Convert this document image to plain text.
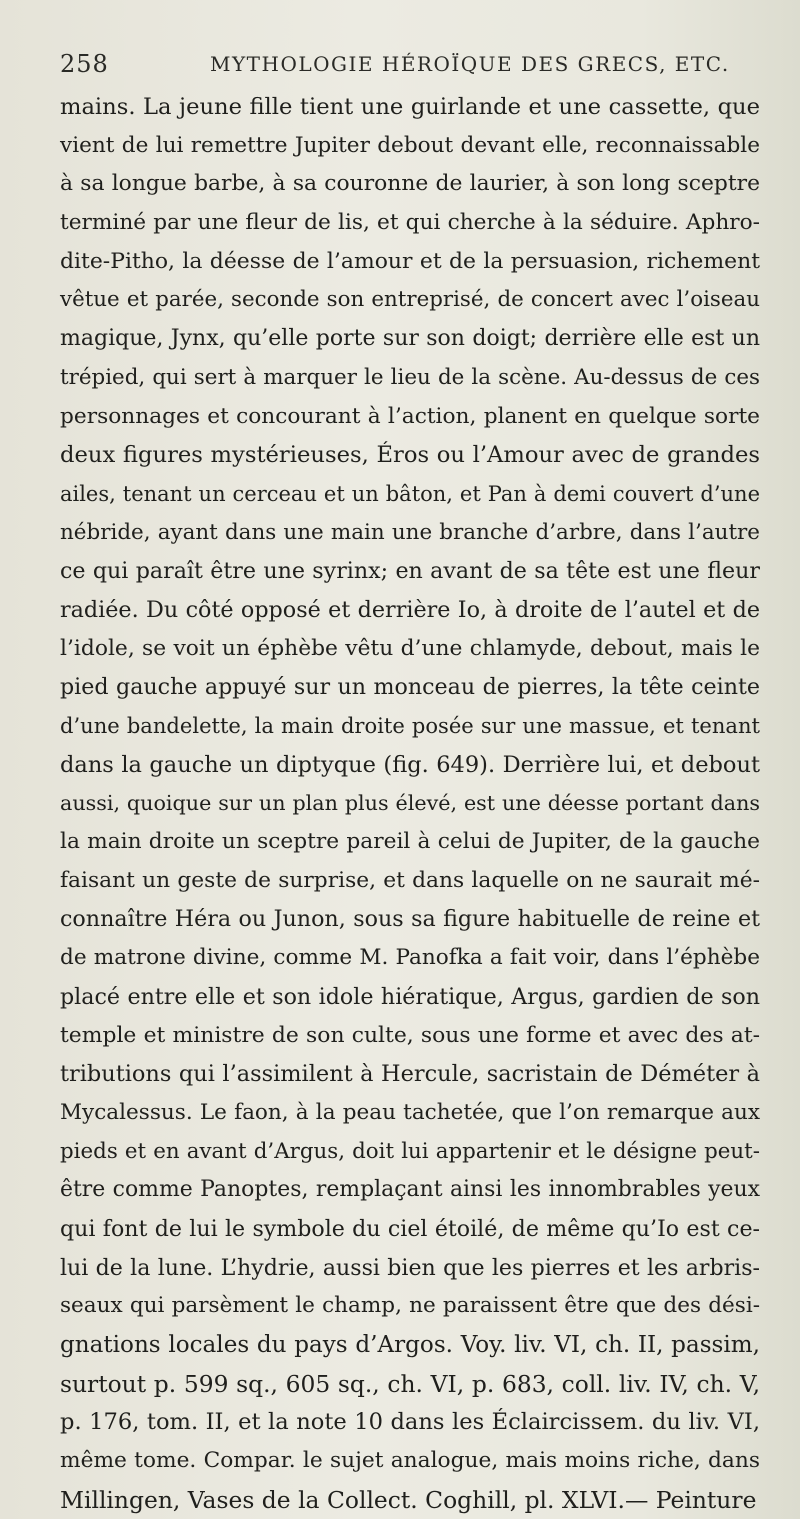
258	MYTHOLOGIE HÉROÏQUE DES GRECS, ETC.
mains. La jeune fille tient une guirlande et une cassette, que
vient de lui remettre Jupiter debout devant elle, reconnaissable
à sa longue barbe, à sa couronne de laurier, à son long sceptre
terminé par une fleur de lis, et qui cherche à la séduire. Aphro-
dite-Pitho, la déesse de l’amour et de la persuasion, richement
vêtue et parée, seconde son entreprisé, de concert avec l’oiseau
magique, Jynx, qu’elle porte sur son doigt; derrière elle est un
trépied, qui sert à marquer le lieu de la scène. Au-dessus de ces
personnages et concourant à l’action, planent en quelque sorte
deux figures mystérieuses, Éros ou l’Amour avec de grandes
ailes, tenant un cerceau et un bâton, et Pan à demi couvert d’une
nébride, ayant dans une main une branche d’arbre, dans l’autre
ce qui paraît être une syrinx; en avant de sa tête est une fleur
radiée. Du côté opposé et derrière Io, à droite de l’autel et de
l’idole, se voit un éphèbe vêtu d’une chlamyde, debout, mais le
pied gauche appuyé sur un monceau de pierres, la tête ceinte
d’une bandelette, la main droite posée sur une massue, et tenant
dans la gauche un diptyque (fig. 649). Derrière lui, et debout
aussi, quoique sur un plan plus élevé, est une déesse portant dans
la main droite un sceptre pareil à celui de Jupiter, de la gauche
faisant un geste de surprise, et dans laquelle on ne saurait mé-
connaître Héra ou Junon, sous sa figure habituelle de reine et
de matrone divine, comme M. Panofka a fait voir, dans l’éphèbe
placé entre elle et son idole hiératique, Argus, gardien de son
temple et ministre de son culte, sous une forme et avec des at-
tributions qui l’assimilent à Hercule, sacristain de Déméter à
Mycalessus. Le faon, à la peau tachetée, que l’on remarque aux
pieds et en avant d’Argus, doit lui appartenir et le désigne peut-
être comme Panoptes, remplaçant ainsi les innombrables yeux
qui font de lui le symbole du ciel étoilé, de même qu’Io est ce-
lui de la lune. L’hydrie, aussi bien que les pierres et les arbris-
seaux qui parsèment le champ, ne paraissent être que des dési-
gnations locales du pays d’Argos. Voy. liv. VI, ch. II, passim,
surtout p. 599 sq., 605 sq., ch. VI, p. 683, coll. liv. IV, ch. V,
p. 176, tom. II, et la note 10 dans les Éclaircissem. du liv. VI,
même tome. Compar. le sujet analogue, mais moins riche, dans
Millingen, Vases de la Collect. Coghill, pl. XLVI.— Peinture
